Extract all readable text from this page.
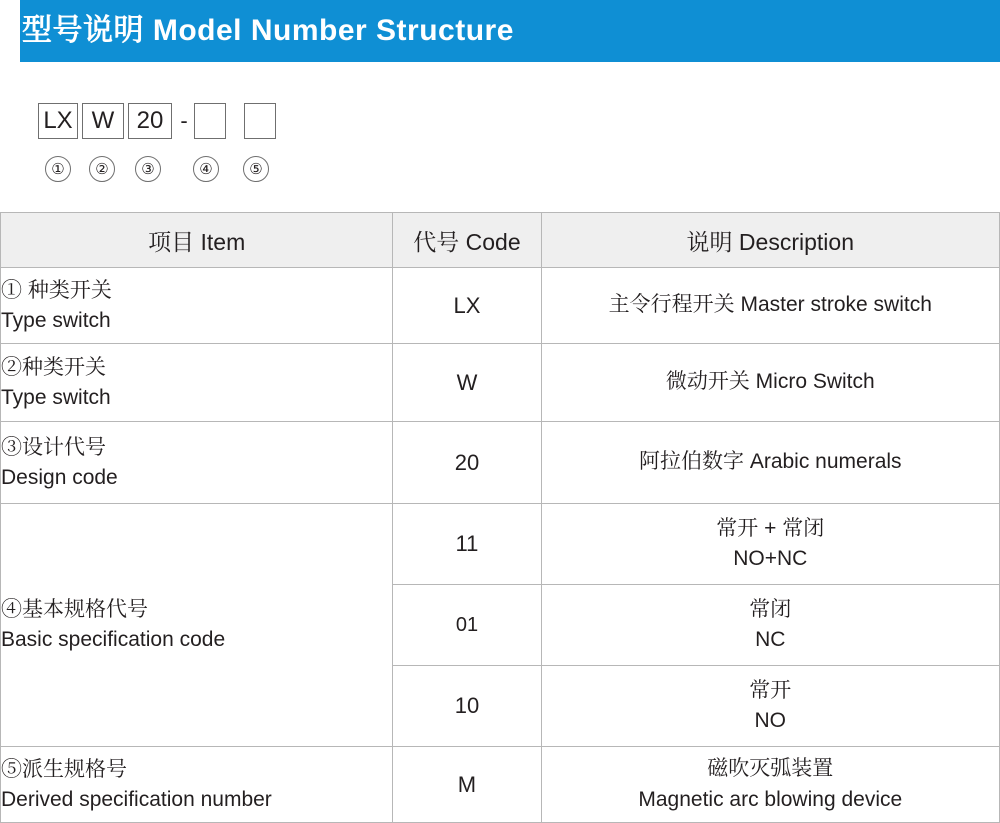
型号说明 Model Number Structure
LX W 20 -
①	②	③	④	⑤
项目 Item	代号 Code	说明 Description

① 种类开关
Type switch	LX	主令行程开关 Master stroke switch

②种类开关
Type switch	W	微动开关 Micro Switch

③设计代号
Design code	20	阿拉伯数字 Arabic numerals

④基本规格代号
Basic specification code	11	常开 + 常闭
NO+NC

	01	常闭
NC

	10	常开
NO

⑤派生规格号
Derived specification number	M	磁吹灭弧装置
Magnetic arc blowing device
